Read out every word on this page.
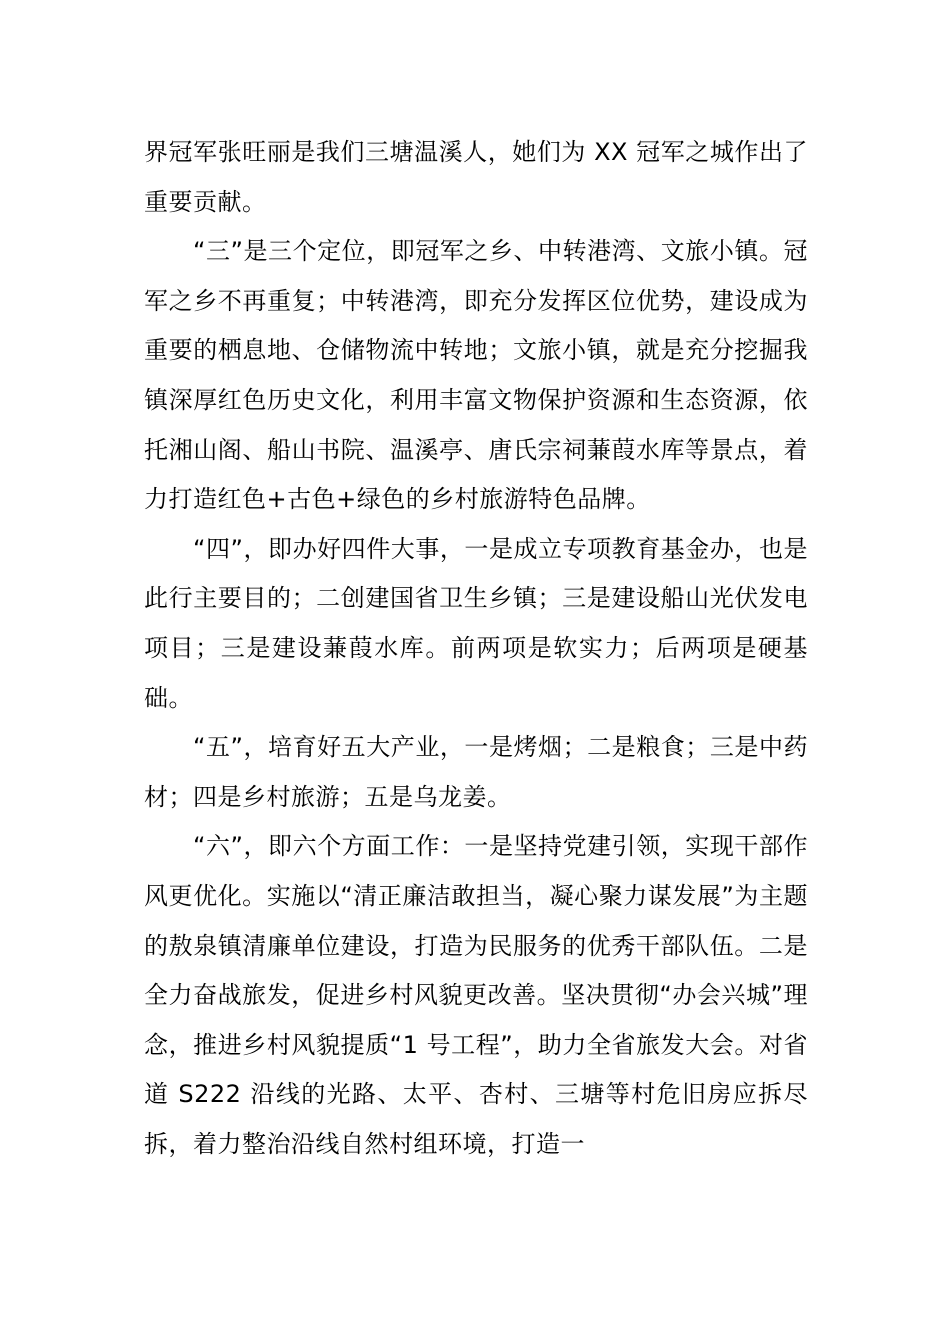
界冠军张旺丽是我们三塘温溪人，她们为 XX 冠军之城作出了重要贡献。

“三”是三个定位，即冠军之乡、中转港湾、文旅小镇。冠军之乡不再重复；中转港湾，即充分发挥区位优势，建设成为重要的栖息地、仓储物流中转地；文旅小镇，就是充分挖掘我镇深厚红色历史文化，利用丰富文物保护资源和生态资源，依托湘山阁、船山书院、温溪亭、唐氏宗祠蒹葭水库等景点，着力打造红色+古色+绿色的乡村旅游特色品牌。

“四”，即办好四件大事，一是成立专项教育基金办，也是此行主要目的；二创建国省卫生乡镇；三是建设船山光伏发电项目；三是建设蒹葭水库。前两项是软实力；后两项是硬基础。

“五”，培育好五大产业，一是烤烟；二是粮食；三是中药材；四是乡村旅游；五是乌龙姜。

“六”，即六个方面工作：一是坚持党建引领，实现干部作风更优化。实施以“清正廉洁敢担当，凝心聚力谋发展”为主题的敖泉镇清廉单位建设，打造为民服务的优秀干部队伍。二是全力奋战旅发，促进乡村风貌更改善。坚决贯彻“办会兴城”理念，推进乡村风貌提质“1 号工程”，助力全省旅发大会。对省道 S222 沿线的光路、太平、杏村、三塘等村危旧房应拆尽拆，着力整治沿线自然村组环境，打造一
